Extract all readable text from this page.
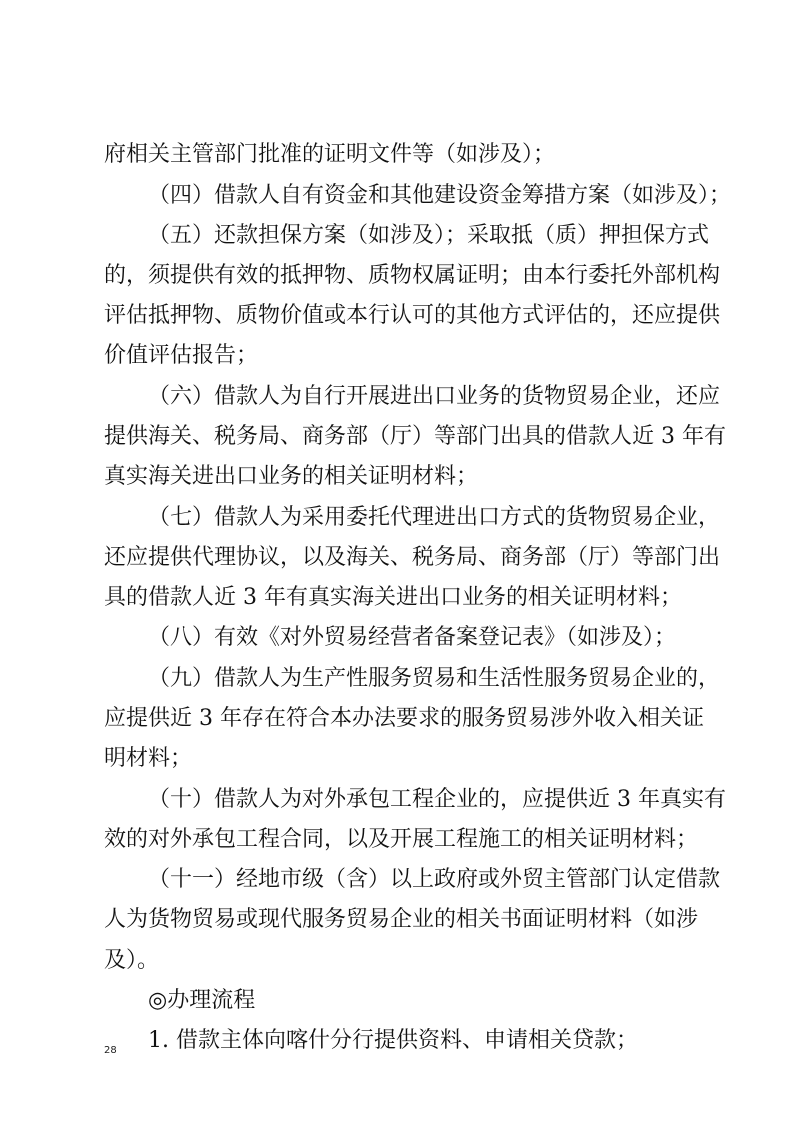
府相关主管部门批准的证明文件等（如涉及）；
（四）借款人自有资金和其他建设资金筹措方案（如涉及）；
（五）还款担保方案（如涉及）；采取抵（质）押担保方式
的，须提供有效的抵押物、质物权属证明；由本行委托外部机构
评估抵押物、质物价值或本行认可的其他方式评估的，还应提供
价值评估报告；
（六）借款人为自行开展进出口业务的货物贸易企业，还应
提供海关、税务局、商务部（厅）等部门出具的借款人近 3 年有
真实海关进出口业务的相关证明材料；
（七）借款人为采用委托代理进出口方式的货物贸易企业，
还应提供代理协议，以及海关、税务局、商务部（厅）等部门出
具的借款人近 3 年有真实海关进出口业务的相关证明材料；
（八）有效《对外贸易经营者备案登记表》（如涉及）；
（九）借款人为生产性服务贸易和生活性服务贸易企业的，
应提供近 3 年存在符合本办法要求的服务贸易涉外收入相关证
明材料；
（十）借款人为对外承包工程企业的，应提供近 3 年真实有
效的对外承包工程合同，以及开展工程施工的相关证明材料；
（十一）经地市级（含）以上政府或外贸主管部门认定借款
人为货物贸易或现代服务贸易企业的相关书面证明材料（如涉
及）。
◎办理流程
1. 借款主体向喀什分行提供资料、申请相关贷款；
28
